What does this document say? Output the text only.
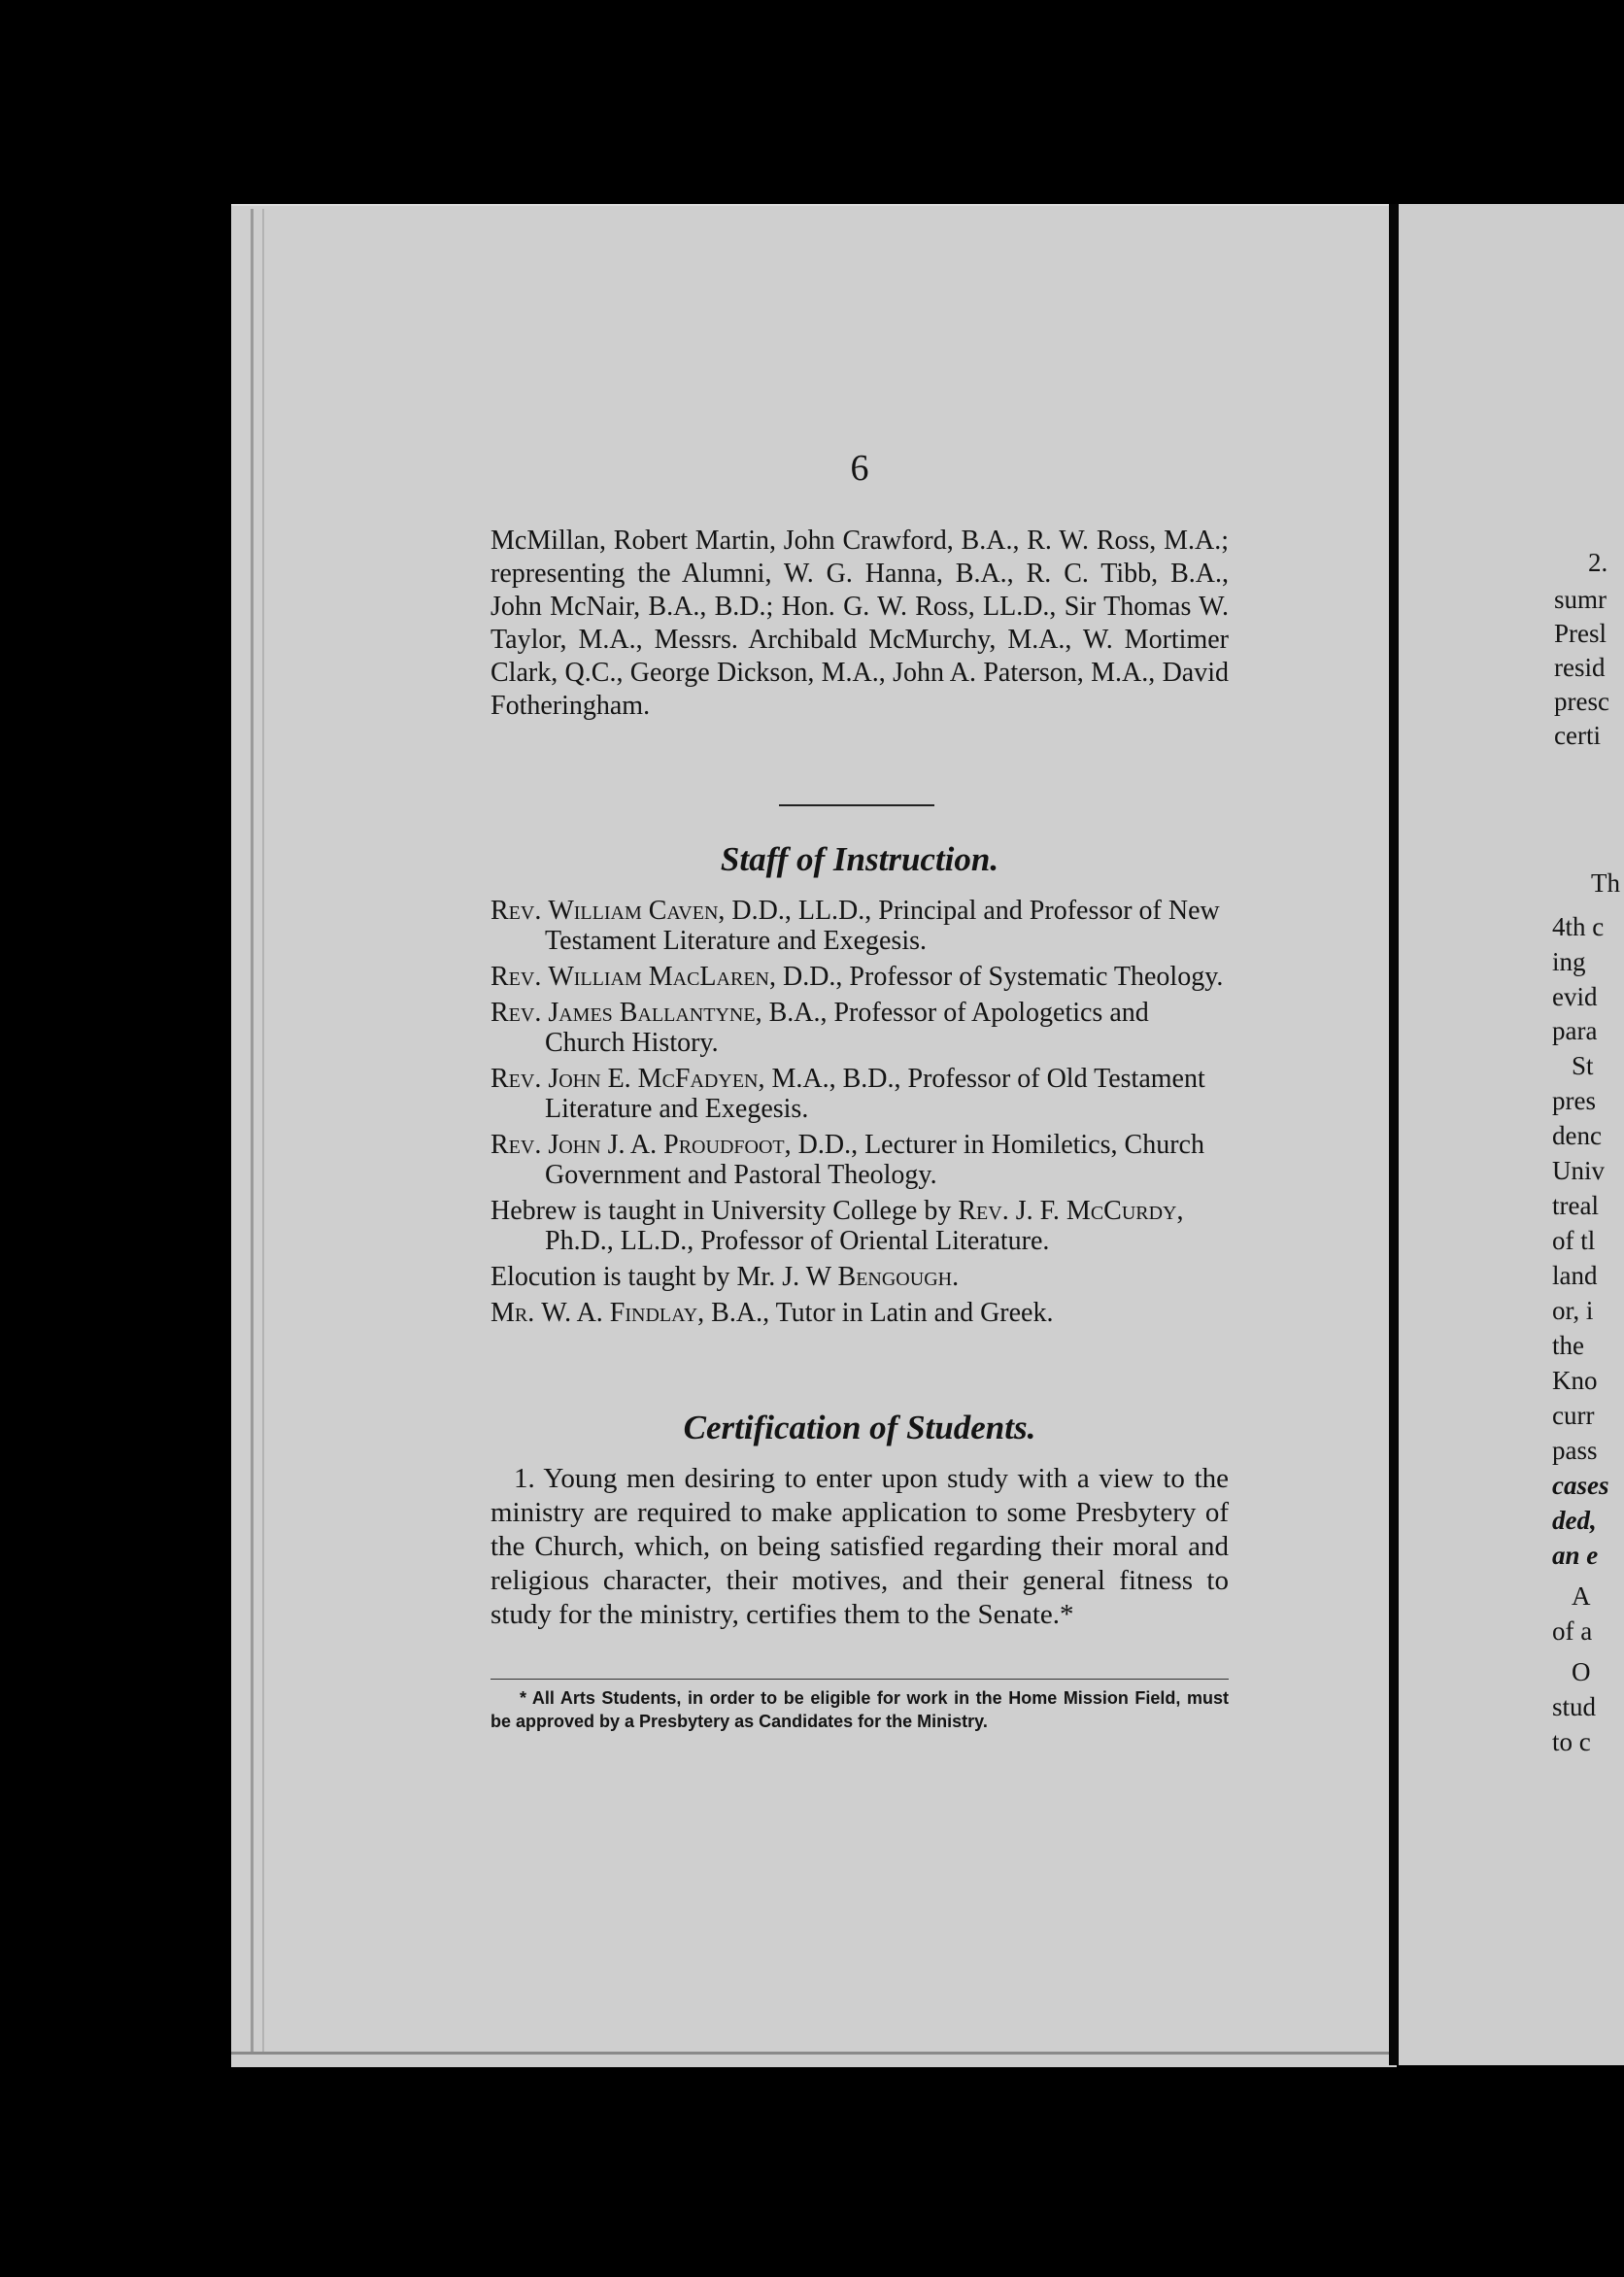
2.
sumr
Presl
resid
presc
certi
Th
4th c
ing
evid
para
St
pres
denc
Univ
treal
of tl
land
or, i
the
Kno
curr
pass
cases
ded,
an e
A
of a
O
stud
to c
6
McMillan, Robert Martin, John Crawford, B.A., R. W. Ross, M.A.; representing the Alumni, W. G. Hanna, B.A., R. C. Tibb, B.A., John McNair, B.A., B.D.; Hon. G. W. Ross, LL.D., Sir Thomas W. Taylor, M.A., Messrs. Archibald McMurchy, M.A., W. Mortimer Clark, Q.C., George Dickson, M.A., John A. Paterson, M.A., David Fotheringham.
Staff of Instruction.

Rev. William Caven, D.D., LL.D., Principal and Professor of New Testament Literature and Exegesis.

Rev. William MacLaren, D.D., Professor of Systematic Theology.

Rev. James Ballantyne, B.A., Professor of Apologetics and Church History.

Rev. John E. McFadyen, M.A., B.D., Professor of Old Testament Literature and Exegesis.

Rev. John J. A. Proudfoot, D.D., Lecturer in Homiletics, Church Government and Pastoral Theology.

Hebrew is taught in University College by Rev. J. F. McCurdy, Ph.D., LL.D., Professor of Oriental Literature.

Elocution is taught by Mr. J. W Bengough.

Mr. W. A. Findlay, B.A., Tutor in Latin and Greek.

Certification of Students.
1. Young men desiring to enter upon study with a view to the ministry are required to make application to some Presbytery of the Church, which, on being satisfied regarding their moral and religious character, their motives, and their general fitness to study for the ministry, certifies them to the Senate.*
* All Arts Students, in order to be eligible for work in the Home Mission Field, must be approved by a Presbytery as Candidates for the Ministry.
